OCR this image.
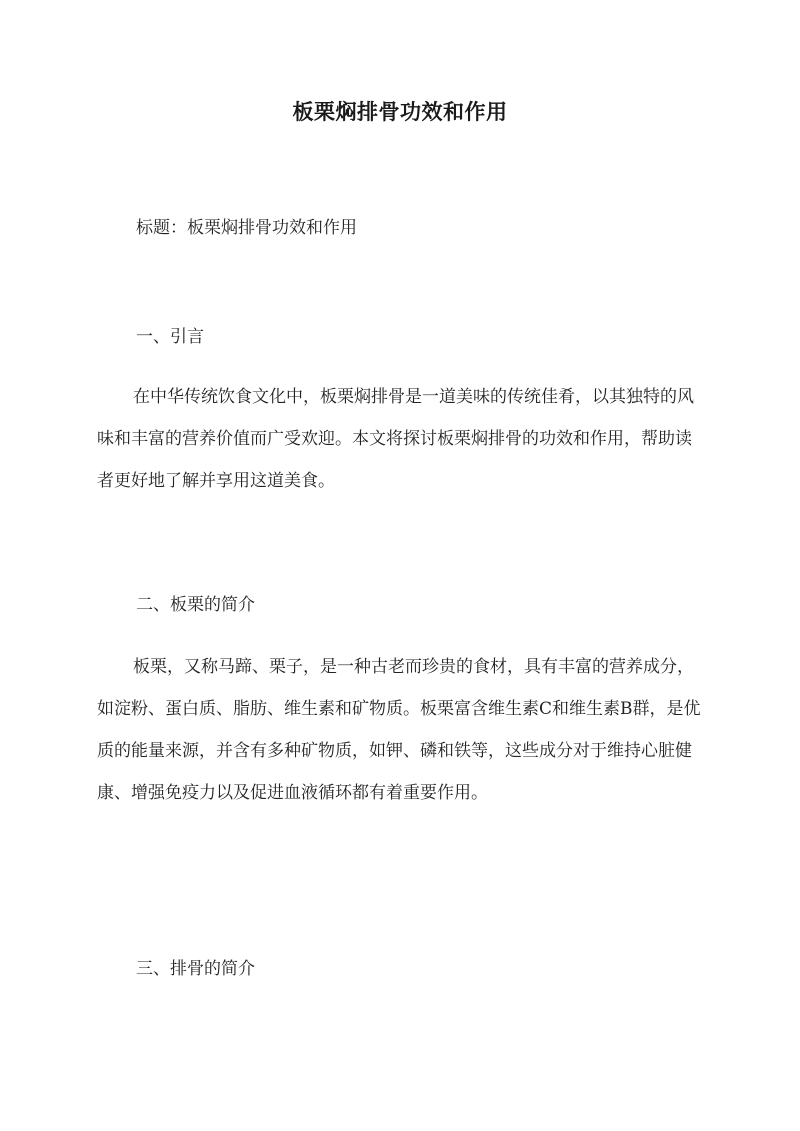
板栗焖排骨功效和作用
标题：板栗焖排骨功效和作用
一、引言
在中华传统饮食文化中，板栗焖排骨是一道美味的传统佳肴，以其独特的风味和丰富的营养价值而广受欢迎。本文将探讨板栗焖排骨的功效和作用，帮助读者更好地了解并享用这道美食。
二、板栗的简介
板栗，又称马蹄、栗子，是一种古老而珍贵的食材，具有丰富的营养成分，如淀粉、蛋白质、脂肪、维生素和矿物质。板栗富含维生素C和维生素B群，是优质的能量来源，并含有多种矿物质，如钾、磷和铁等，这些成分对于维持心脏健康、增强免疫力以及促进血液循环都有着重要作用。
三、排骨的简介
